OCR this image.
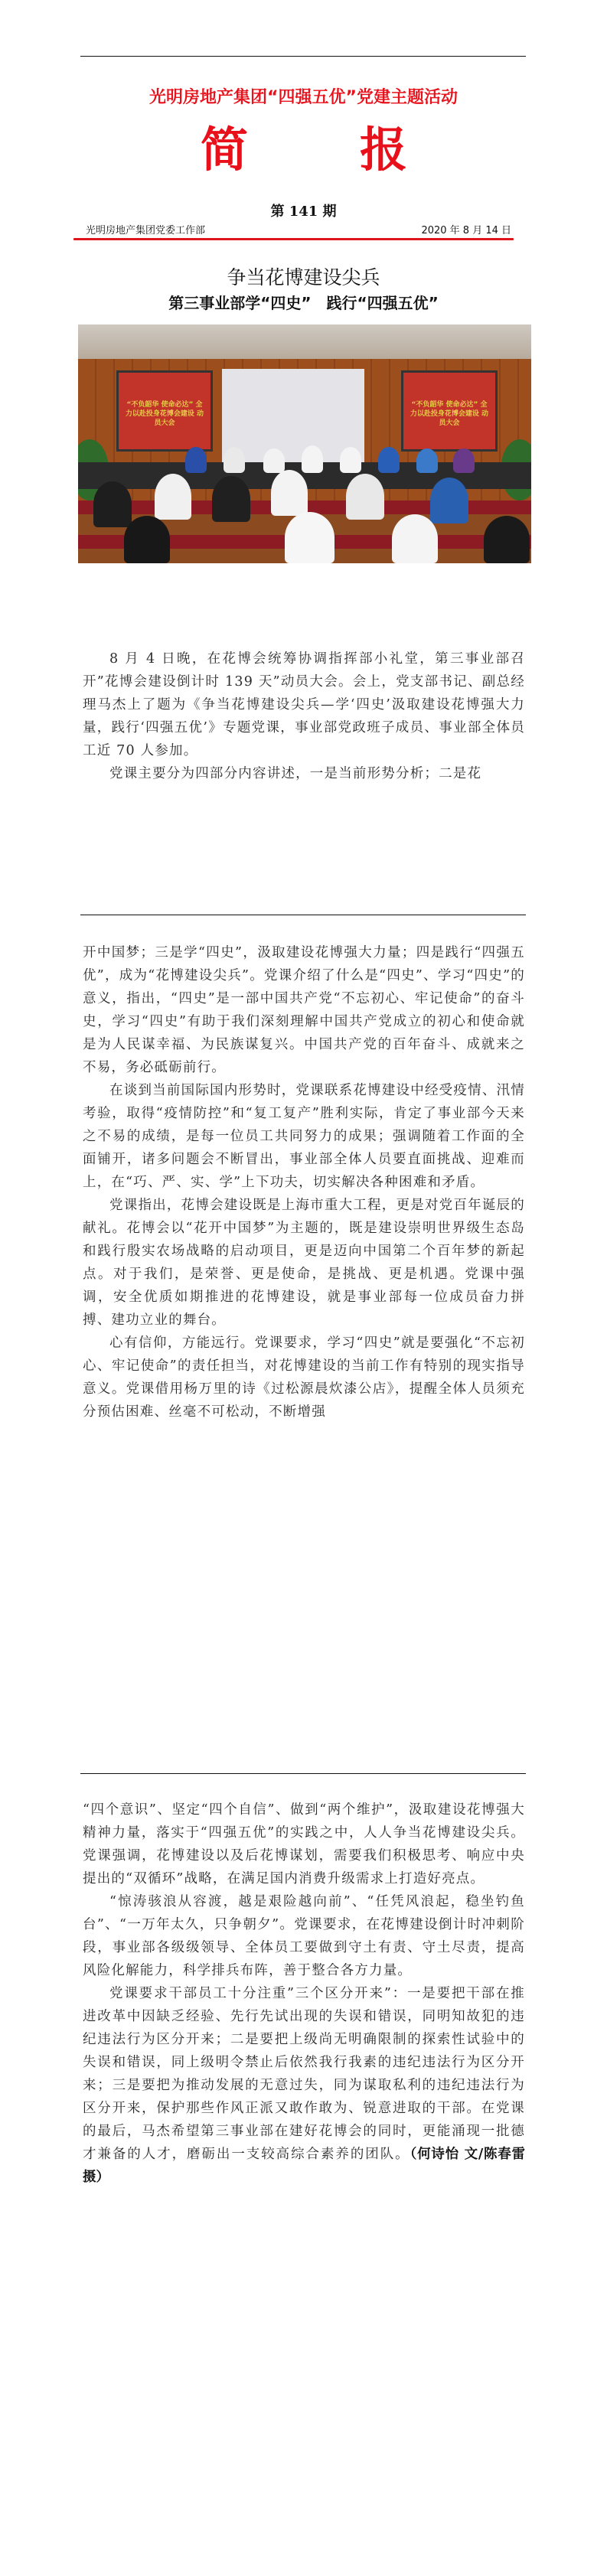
光明房地产集团“四强五优”党建主题活动
简 报
第 141 期
光明房地产集团党委工作部	2020 年 8 月 14 日
争当花博建设尖兵
第三事业部学“四史”　践行“四强五优”
“不负韶华 使命必达” 全力以赴投身花博会建设 动员大会
“不负韶华 使命必达” 全力以赴投身花博会建设 动员大会

8 月 4 日晚，在花博会统筹协调指挥部小礼堂，第三事业部召开”花博会建设倒计时 139 天”动员大会。会上，党支部书记、副总经理马杰上了题为《争当花博建设尖兵—学‘四史’汲取建设花博强大力量，践行‘四强五优’》专题党课，事业部党政班子成员、事业部全体员工近 70 人参加。

党课主要分为四部分内容讲述，一是当前形势分析；二是花

开中国梦；三是学“四史”，汲取建设花博强大力量；四是践行“四强五优”，成为“花博建设尖兵”。党课介绍了什么是“四史”、学习“四史”的意义，指出，“四史”是一部中国共产党“不忘初心、牢记使命”的奋斗史，学习“四史”有助于我们深刻理解中国共产党成立的初心和使命就是为人民谋幸福、为民族谋复兴。中国共产党的百年奋斗、成就来之不易，务必砥砺前行。

在谈到当前国际国内形势时，党课联系花博建设中经受疫情、汛情考验，取得“疫情防控”和“复工复产”胜利实际，肯定了事业部今天来之不易的成绩，是每一位员工共同努力的成果；强调随着工作面的全面铺开，诸多问题会不断冒出，事业部全体人员要直面挑战、迎难而上，在“巧、严、实、学”上下功夫，切实解决各种困难和矛盾。

党课指出，花博会建设既是上海市重大工程，更是对党百年诞辰的献礼。花博会以“花开中国梦”为主题的，既是建设崇明世界级生态岛和践行殷实农场战略的启动项目，更是迈向中国第二个百年梦的新起点。对于我们，是荣誉、更是使命，是挑战、更是机遇。党课中强调，安全优质如期推进的花博建设，就是事业部每一位成员奋力拼搏、建功立业的舞台。

心有信仰，方能远行。党课要求，学习“四史”就是要强化“不忘初心、牢记使命”的责任担当，对花博建设的当前工作有特别的现实指导意义。党课借用杨万里的诗《过松源晨炊漆公店》，提醒全体人员须充分预估困难、丝毫不可松动，不断增强

“四个意识”、坚定“四个自信”、做到“两个维护”，汲取建设花博强大精神力量，落实于“四强五优”的实践之中，人人争当花博建设尖兵。党课强调，花博建设以及后花博谋划，需要我们积极思考、响应中央提出的“双循环”战略，在满足国内消费升级需求上打造好亮点。

“惊涛骇浪从容渡，越是艰险越向前”、“任凭风浪起，稳坐钓鱼台”、“一万年太久，只争朝夕”。党课要求，在花博建设倒计时冲刺阶段，事业部各级级领导、全体员工要做到守土有责、守土尽责，提高风险化解能力，科学排兵布阵，善于整合各方力量。

党课要求干部员工十分注重”三个区分开来”：一是要把干部在推进改革中因缺乏经验、先行先试出现的失误和错误，同明知故犯的违纪违法行为区分开来；二是要把上级尚无明确限制的探索性试验中的失误和错误，同上级明令禁止后依然我行我素的违纪违法行为区分开来；三是要把为推动发展的无意过失，同为谋取私利的违纪违法行为区分开来，保护那些作风正派又敢作敢为、锐意进取的干部。在党课的最后，马杰希望第三事业部在建好花博会的同时，更能涌现一批德才兼备的人才，磨砺出一支较高综合素养的团队。（何诗怡 文/陈春雷 摄）
